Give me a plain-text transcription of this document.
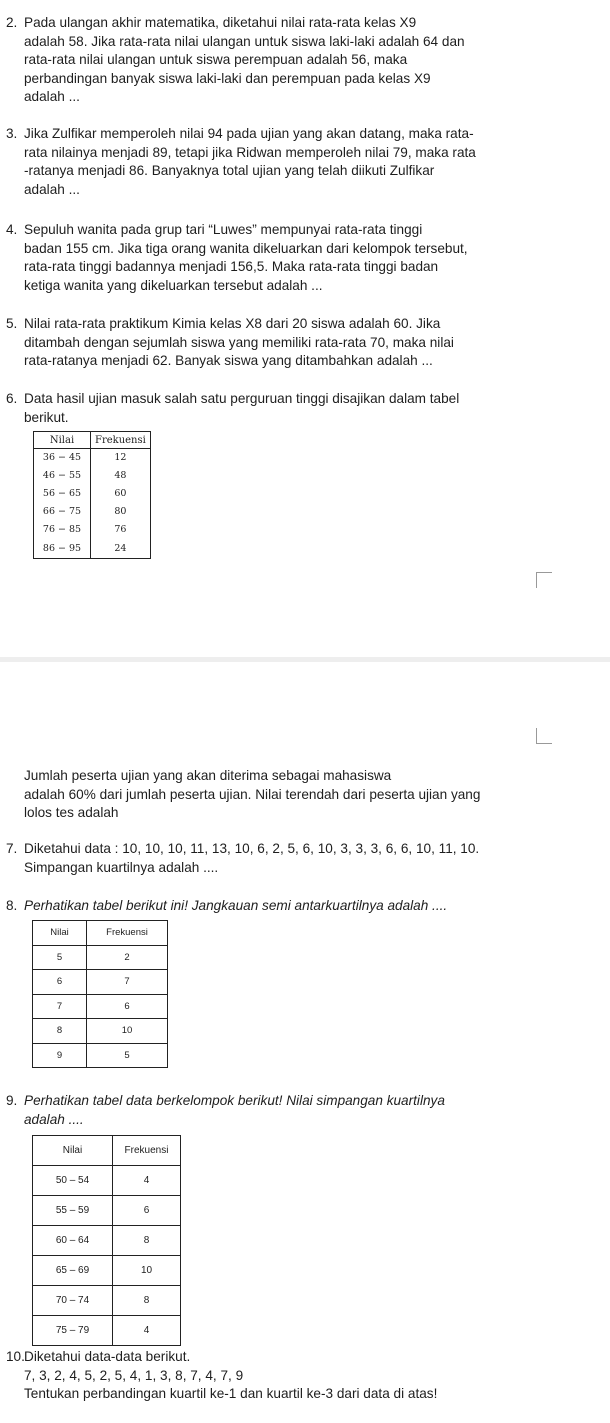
2. Pada ulangan akhir matematika, diketahui nilai rata-rata kelas X9
adalah 58. Jika rata-rata nilai ulangan untuk siswa laki-laki adalah 64 dan
rata-rata nilai ulangan untuk siswa perempuan adalah 56, maka
perbandingan banyak siswa laki-laki dan perempuan pada kelas X9
adalah ...
3. Jika Zulfikar memperoleh nilai 94 pada ujian yang akan datang, maka rata-
rata nilainya menjadi 89, tetapi jika Ridwan memperoleh nilai 79, maka rata
-ratanya menjadi 86. Banyaknya total ujian yang telah diikuti Zulfikar
adalah ...
4. Sepuluh wanita pada grup tari “Luwes” mempunyai rata-rata tinggi
badan 155 cm. Jika tiga orang wanita dikeluarkan dari kelompok tersebut,
rata-rata tinggi badannya menjadi 156,5. Maka rata-rata tinggi badan
ketiga wanita yang dikeluarkan tersebut adalah ...
5. Nilai rata-rata praktikum Kimia kelas X8 dari 20 siswa adalah 60. Jika
ditambah dengan sejumlah siswa yang memiliki rata-rata 70, maka nilai
rata-ratanya menjadi 62. Banyak siswa yang ditambahkan adalah ...
6. Data hasil ujian masuk salah satu perguruan tinggi disajikan dalam tabel
berikut.
Nilai	Frekuensi
36 − 45	12
46 − 55	48
56 − 65	60
66 − 75	80
76 − 85	76
86 − 95	24
Jumlah peserta ujian yang akan diterima sebagai mahasiswa
adalah 60% dari jumlah peserta ujian. Nilai terendah dari peserta ujian yang
lolos tes adalah
7. Diketahui data : 10, 10, 10, 11, 13, 10, 6, 2, 5, 6, 10, 3, 3, 3, 6, 6, 10, 11, 10.
Simpangan kuartilnya adalah ....
8. Perhatikan tabel berikut ini! Jangkauan semi antarkuartilnya adalah ....
Nilai	Frekuensi
5	2
6	7
7	6
8	10
9	5
9. Perhatikan tabel data berkelompok berikut! Nilai simpangan kuartilnya
adalah ....
Nilai	Frekuensi
50 – 54	4
55 – 59	6
60 – 64	8
65 – 69	10
70 – 74	8
75 – 79	4
10. Diketahui data-data berikut.
7, 3, 2, 4, 5, 2, 5, 4, 1, 3, 8, 7, 4, 7, 9
Tentukan perbandingan kuartil ke-1 dan kuartil ke-3 dari data di atas!
